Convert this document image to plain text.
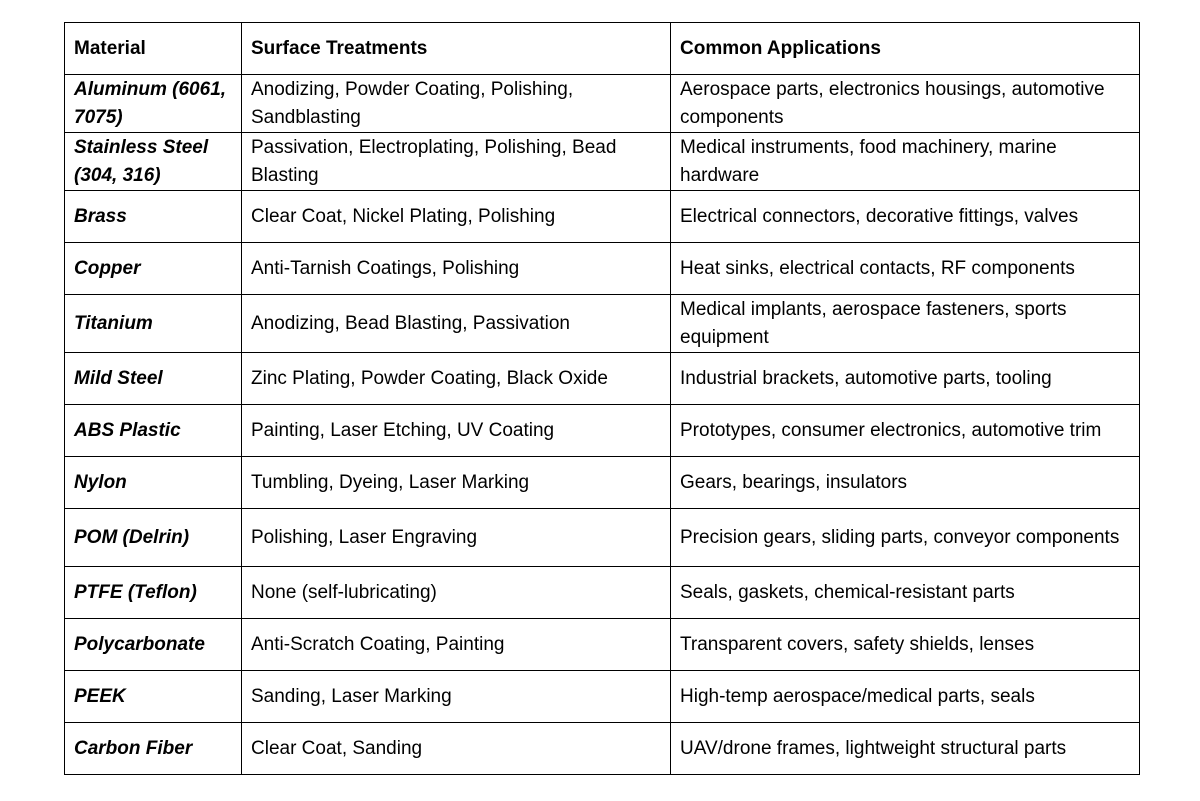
Material	Surface Treatments	Common Applications
Aluminum (6061, 7075)	Anodizing, Powder Coating, Polishing, Sandblasting	Aerospace parts, electronics housings, automotive components
Stainless Steel (304, 316)	Passivation, Electroplating, Polishing, Bead Blasting	Medical instruments, food machinery, marine hardware
Brass	Clear Coat, Nickel Plating, Polishing	Electrical connectors, decorative fittings, valves
Copper	Anti-Tarnish Coatings, Polishing	Heat sinks, electrical contacts, RF components
Titanium	Anodizing, Bead Blasting, Passivation	Medical implants, aerospace fasteners, sports equipment
Mild Steel	Zinc Plating, Powder Coating, Black Oxide	Industrial brackets, automotive parts, tooling
ABS Plastic	Painting, Laser Etching, UV Coating	Prototypes, consumer electronics, automotive trim
Nylon	Tumbling, Dyeing, Laser Marking	Gears, bearings, insulators
POM (Delrin)	Polishing, Laser Engraving	Precision gears, sliding parts, conveyor components
PTFE (Teflon)	None (self-lubricating)	Seals, gaskets, chemical-resistant parts
Polycarbonate	Anti-Scratch Coating, Painting	Transparent covers, safety shields, lenses
PEEK	Sanding, Laser Marking	High-temp aerospace/medical parts, seals
Carbon Fiber	Clear Coat, Sanding	UAV/drone frames, lightweight structural parts
